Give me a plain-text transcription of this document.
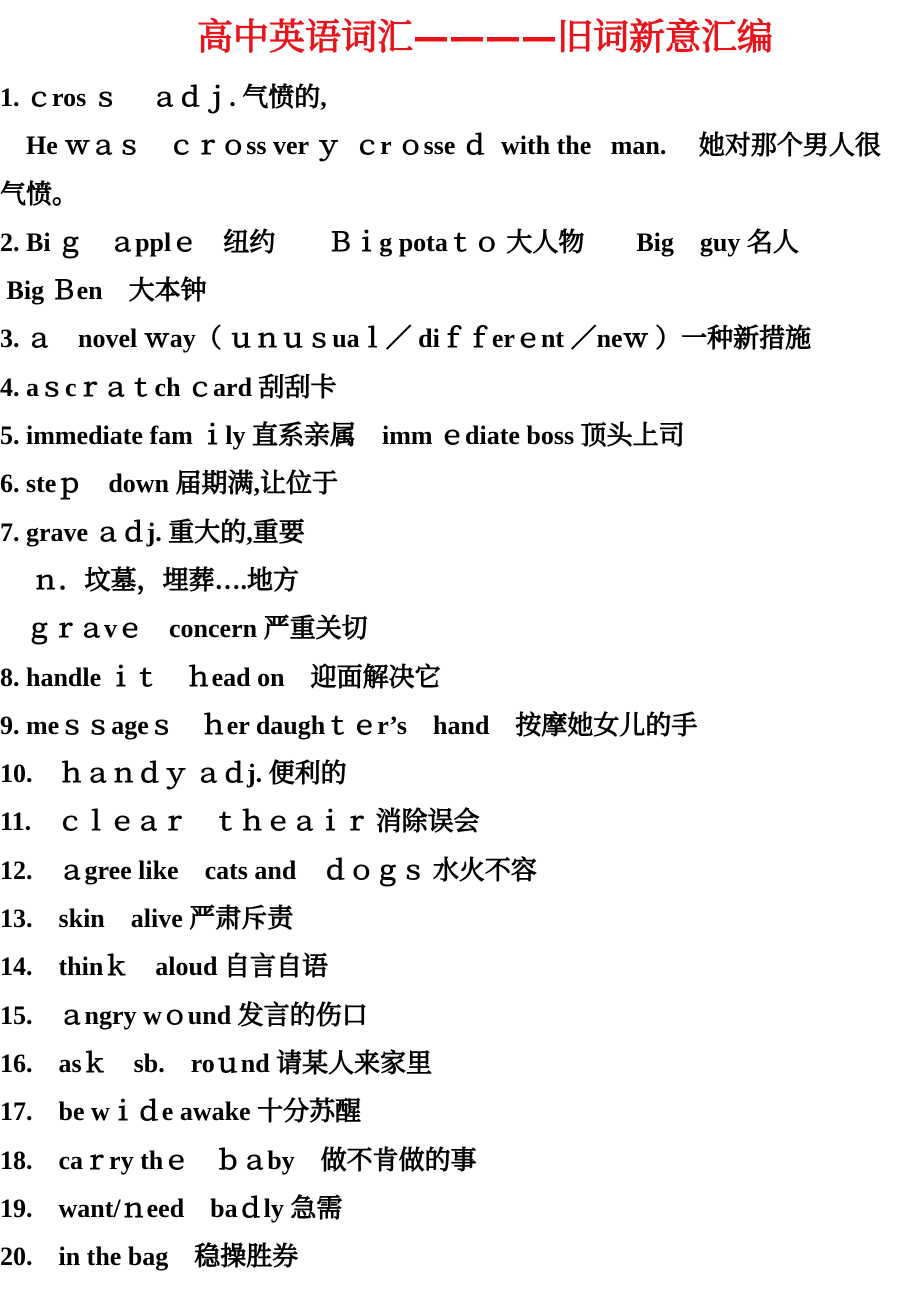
高中英语词汇————旧词新意汇编
1. ｃros ｓ　 ａｄｊ. 气愤的,
　He ｗａｓ　ｃｒｏss ver ｙ  ｃr ｏsse ｄ  with the   man.　 她对那个男人很
气愤。
2. Bi ｇ　ａpplｅ　纽约　　Ｂｉg potaｔｏ 大人物　　Big　guy 名人
Big Ｂen　大本钟
3. ａ　novel ｗay（ ｕｎｕｓuaｌ／ diｆｆerｅnt ／neｗ ）一种新措施
4. aｓcｒａｔch ｃard 刮刮卡
5. immediate fam ｉly 直系亲属　imm ｅdiate boss 顶头上司
6. steｐ　down 届期满,让位于
7. grave ａｄj. 重大的,重要
　 ｎ．坟墓，埋葬….地方
　ｇｒａvｅ　concern 严重关切
8. handle ｉｔ　ｈead on　迎面解决它
9. meｓｓageｓ　ｈer daughｔｅr’s　hand　按摩她女儿的手
10.　ｈａｎｄｙ ａｄj. 便利的
11.　ｃｌｅａｒ　ｔｈｅａｉｒ 消除误会
12.　ａgree like　cats and　ｄｏｇｓ 水火不容
13.　skin　alive 严肃斥责
14.　thinｋ　aloud 自言自语
15.　ａngry wｏund 发言的伤口
16.　asｋ　sb.　roｕnd 请某人来家里
17.　be wｉｄe awake 十分苏醒
18.　caｒry thｅ　ｂａby　做不肯做的事
19.　want/ｎeed　baｄly 急需
20.　in the bag　稳操胜券
